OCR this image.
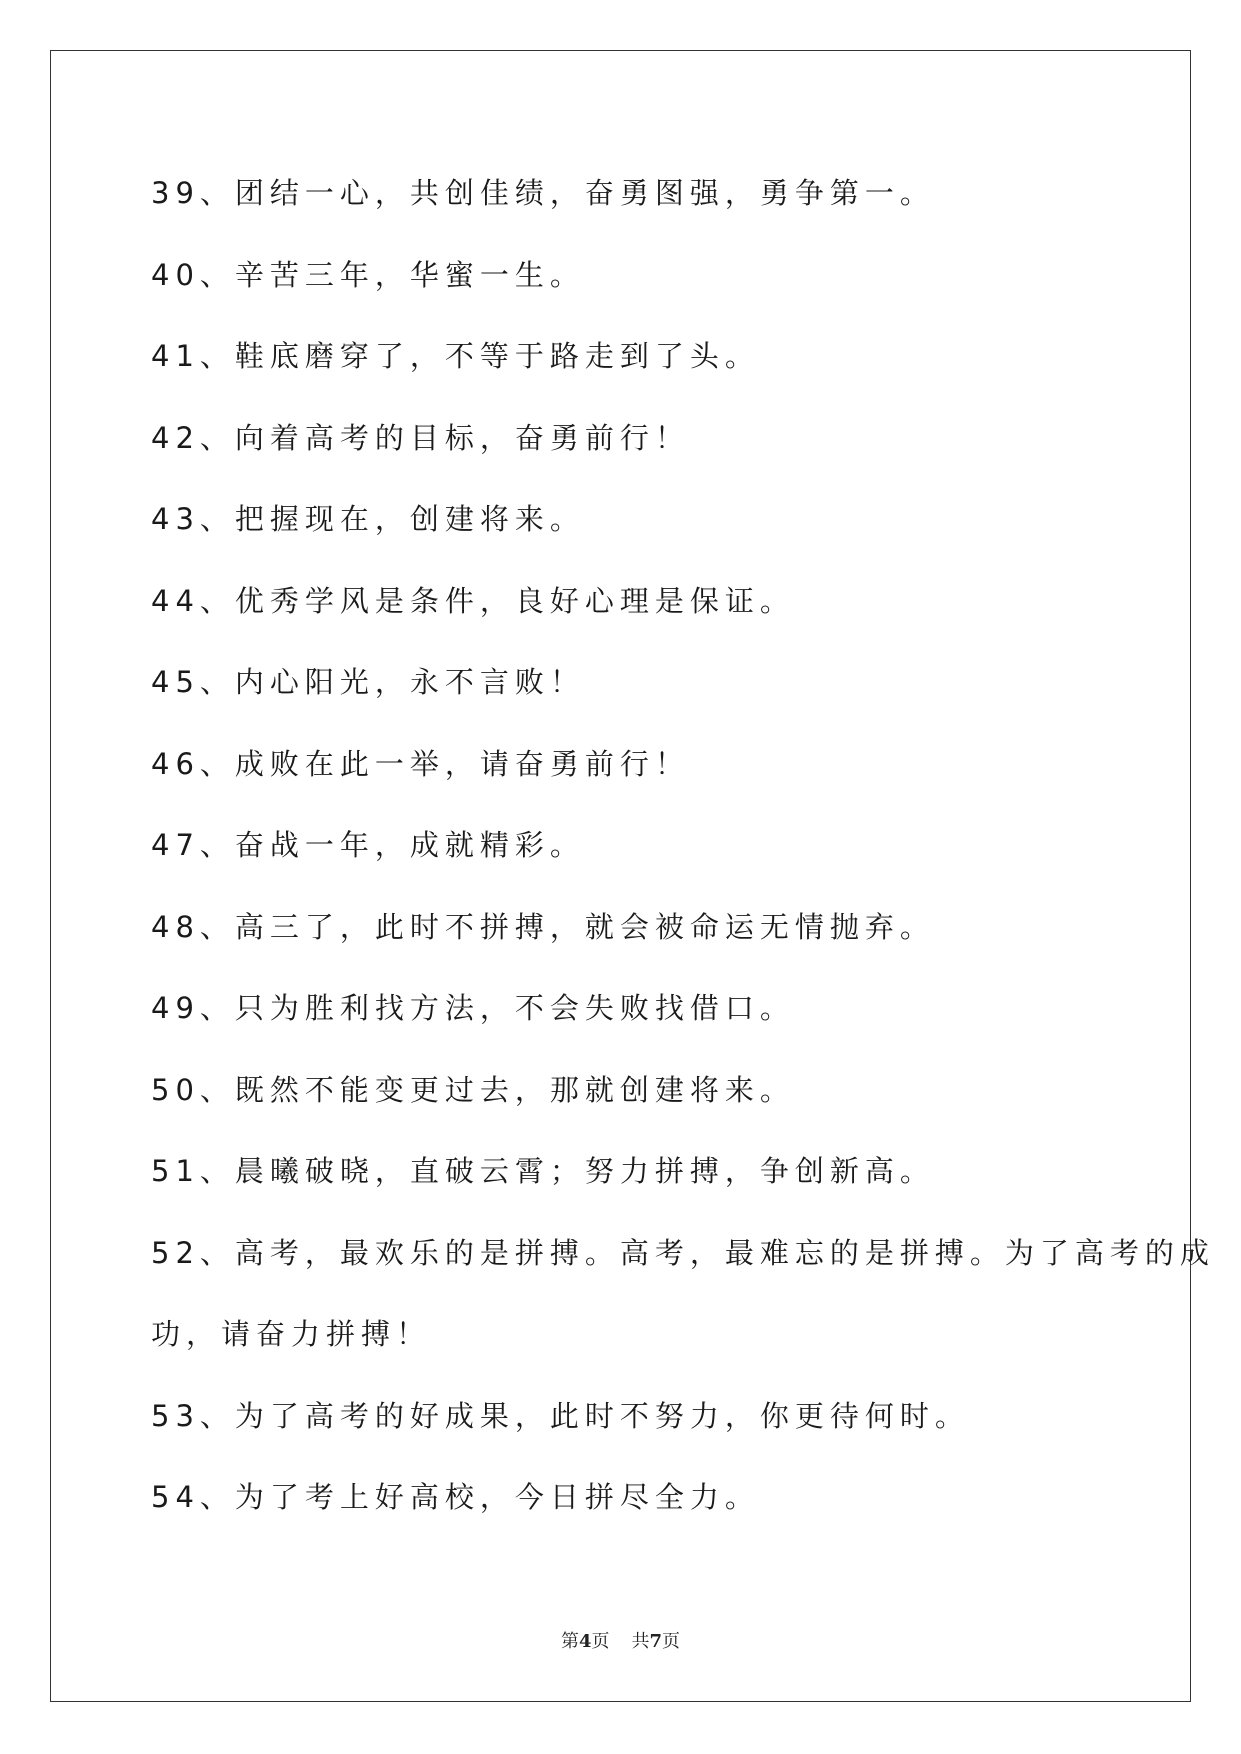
39、团结一心，共创佳绩，奋勇图强，勇争第一。
40、辛苦三年，华蜜一生。
41、鞋底磨穿了，不等于路走到了头。
42、向着高考的目标，奋勇前行！
43、把握现在，创建将来。
44、优秀学风是条件，良好心理是保证。
45、内心阳光，永不言败！
46、成败在此一举，请奋勇前行！
47、奋战一年，成就精彩。
48、高三了，此时不拼搏，就会被命运无情抛弃。
49、只为胜利找方法，不会失败找借口。
50、既然不能变更过去，那就创建将来。
51、晨曦破晓，直破云霄；努力拼搏，争创新高。
52、高考，最欢乐的是拼搏。高考，最难忘的是拼搏。为了高考的成
功，请奋力拼搏！
53、为了高考的好成果，此时不努力，你更待何时。
54、为了考上好高校，今日拼尽全力。
第4页 共7页
